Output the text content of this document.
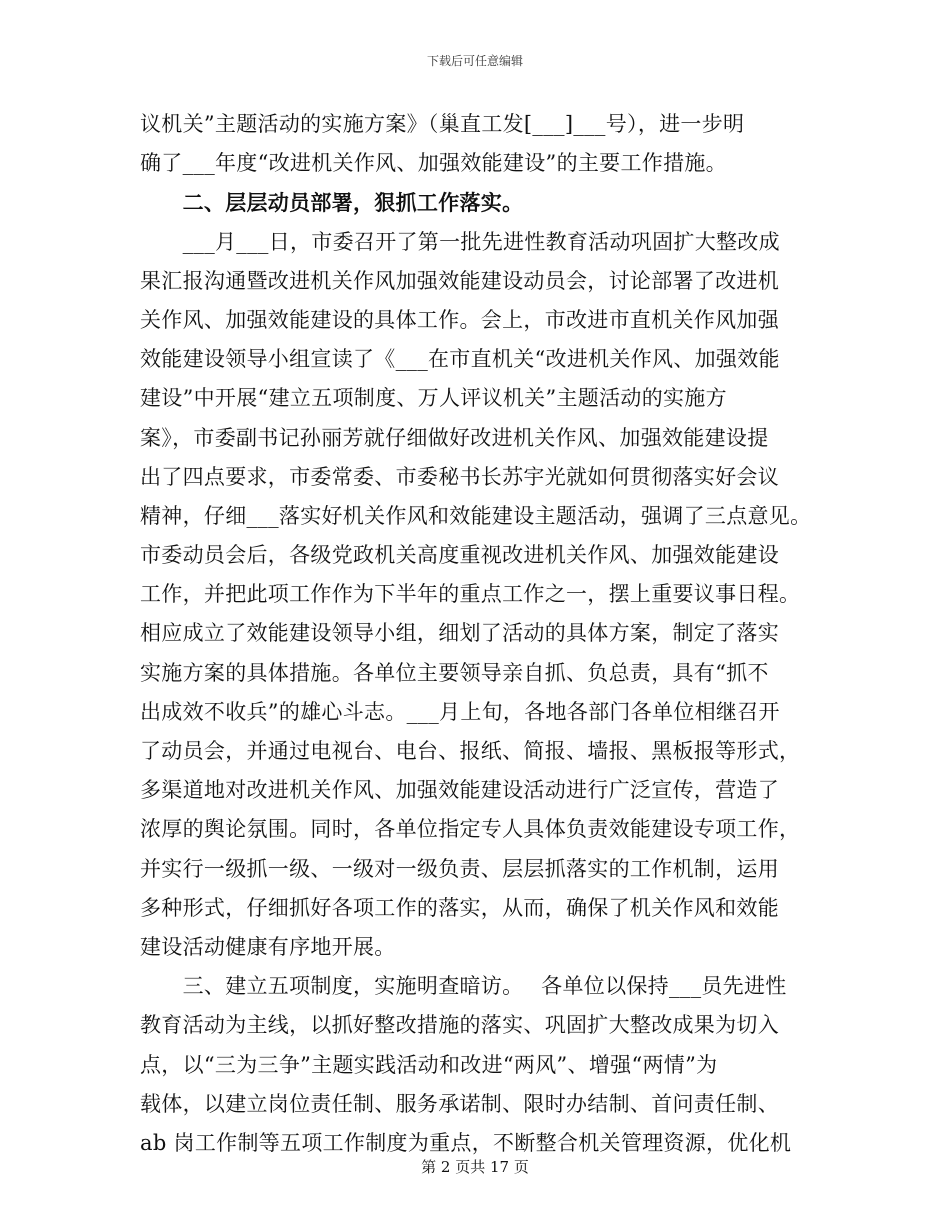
下载后可任意编辑
议机关”主题活动的实施方案》（巢直工发[___]___号），进一步明
确了___年度“改进机关作风、加强效能建设”的主要工作措施。
　　二、层层动员部署，狠抓工作落实。
　　___月___日，市委召开了第一批先进性教育活动巩固扩大整改成
果汇报沟通暨改进机关作风加强效能建设动员会，讨论部署了改进机
关作风、加强效能建设的具体工作。会上，市改进市直机关作风加强
效能建设领导小组宣读了《___在市直机关“改进机关作风、加强效能
建设”中开展“建立五项制度、万人评议机关”主题活动的实施方
案》，市委副书记孙丽芳就仔细做好改进机关作风、加强效能建设提
出了四点要求，市委常委、市委秘书长苏宇光就如何贯彻落实好会议
精神，仔细___落实好机关作风和效能建设主题活动，强调了三点意见。
市委动员会后，各级党政机关高度重视改进机关作风、加强效能建设
工作，并把此项工作作为下半年的重点工作之一，摆上重要议事日程。
相应成立了效能建设领导小组，细划了活动的具体方案，制定了落实
实施方案的具体措施。各单位主要领导亲自抓、负总责，具有“抓不
出成效不收兵”的雄心斗志。___月上旬，各地各部门各单位相继召开
了动员会，并通过电视台、电台、报纸、简报、墙报、黑板报等形式，
多渠道地对改进机关作风、加强效能建设活动进行广泛宣传，营造了
浓厚的舆论氛围。同时，各单位指定专人具体负责效能建设专项工作，
并实行一级抓一级、一级对一级负责、层层抓落实的工作机制，运用
多种形式，仔细抓好各项工作的落实，从而，确保了机关作风和效能
建设活动健康有序地开展。
　　三、建立五项制度，实施明查暗访。　 各单位以保持___员先进性
教育活动为主线，以抓好整改措施的落实、巩固扩大整改成果为切入
点，以“三为三争”主题实践活动和改进“两风”、增强“两情”为
载体，以建立岗位责任制、服务承诺制、限时办结制、首问责任制、
ab 岗工作制等五项工作制度为重点，不断整合机关管理资源，优化机
第 2 页共 17 页
